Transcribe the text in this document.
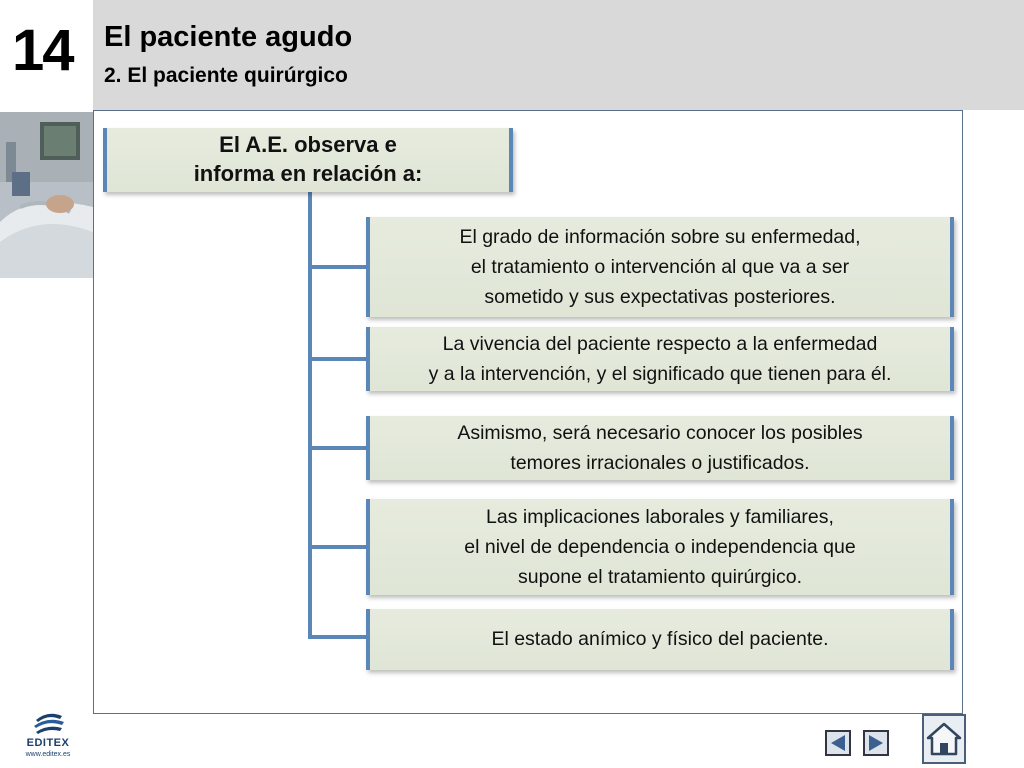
14	El paciente agudo
2. El paciente quirúrgico
El A.E. observa e
informa en relación a:
El grado de información sobre su enfermedad,
el tratamiento o intervención al que va a ser
sometido y sus expectativas posteriores.
La vivencia del paciente respecto a la enfermedad
y a la intervención, y el significado que tienen para él.
Asimismo, será necesario conocer los posibles
temores irracionales o justificados.
Las implicaciones laborales y familiares,
el nivel de dependencia o independencia que
supone el tratamiento quirúrgico.
El estado anímico y físico del paciente.
EDITEX
www.editex.es
